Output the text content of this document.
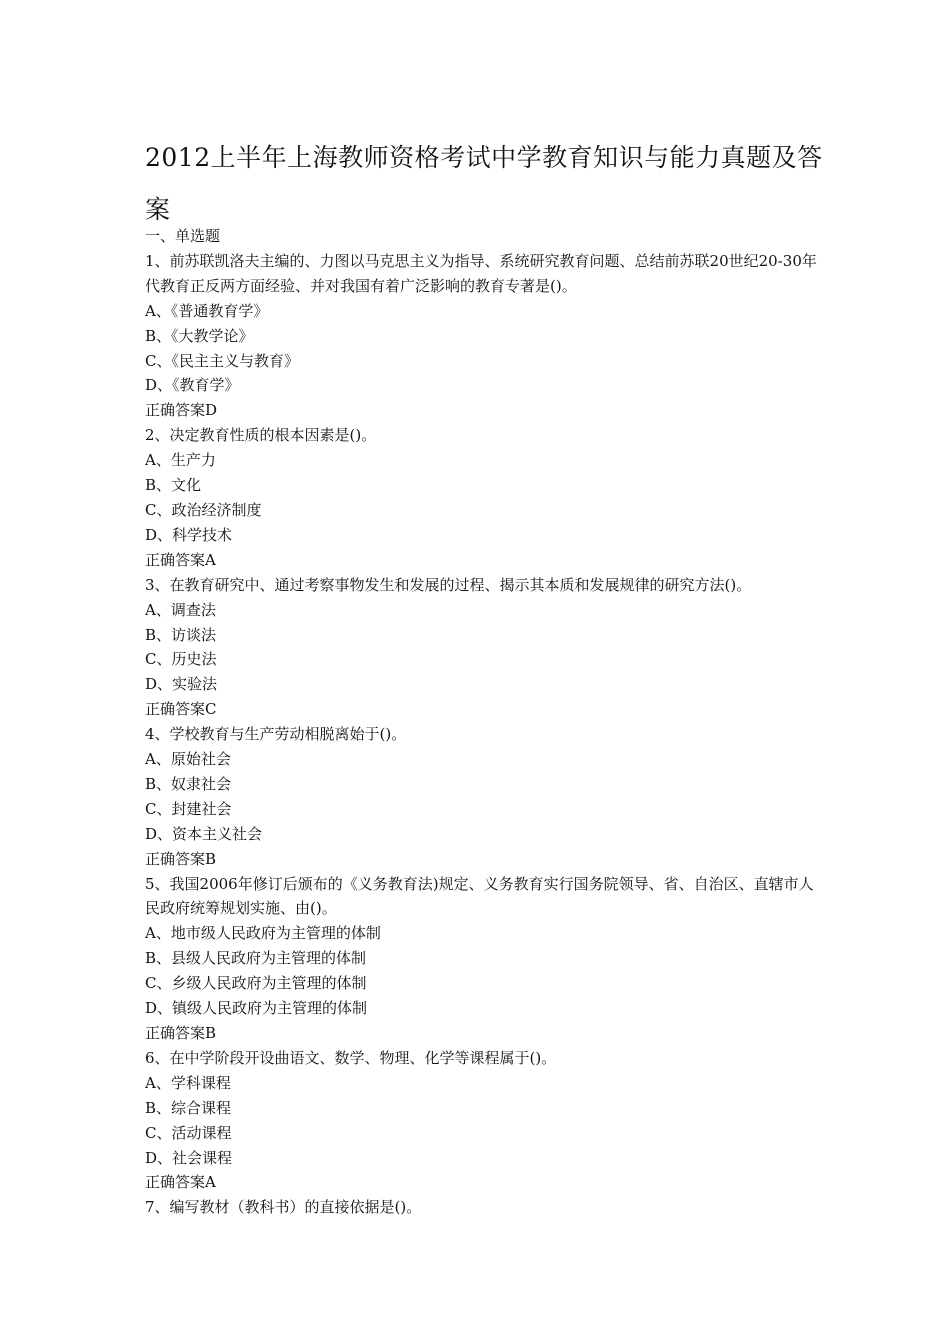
2012上半年上海教师资格考试中学教育知识与能力真题及答案
一、单选题
1、前苏联凯洛夫主编的、力图以马克思主义为指导、系统研究教育问题、总结前苏联20世纪20-30年代教育正反两方面经验、并对我国有着广泛影响的教育专著是()。
A、《普通教育学》
B、《大教学论》
C、《民主主义与教育》
D、《教育学》
正确答案D
2、决定教育性质的根本因素是()。
A、生产力
B、文化
C、政治经济制度
D、科学技术
正确答案A
3、在教育研究中、通过考察事物发生和发展的过程、揭示其本质和发展规律的研究方法()。
A、调查法
B、访谈法
C、历史法
D、实验法
正确答案C
4、学校教育与生产劳动相脱离始于()。
A、原始社会
B、奴隶社会
C、封建社会
D、资本主义社会
正确答案B
5、我国2006年修订后颁布的《义务教育法)规定、义务教育实行国务院领导、省、自治区、直辖市人民政府统筹规划实施、由()。
A、地市级人民政府为主管理的体制
B、县级人民政府为主管理的体制
C、乡级人民政府为主管理的体制
D、镇级人民政府为主管理的体制
正确答案B
6、在中学阶段开设曲语文、数学、物理、化学等课程属于()。
A、学科课程
B、综合课程
C、活动课程
D、社会课程
正确答案A
7、编写教材（教科书）的直接依据是()。
